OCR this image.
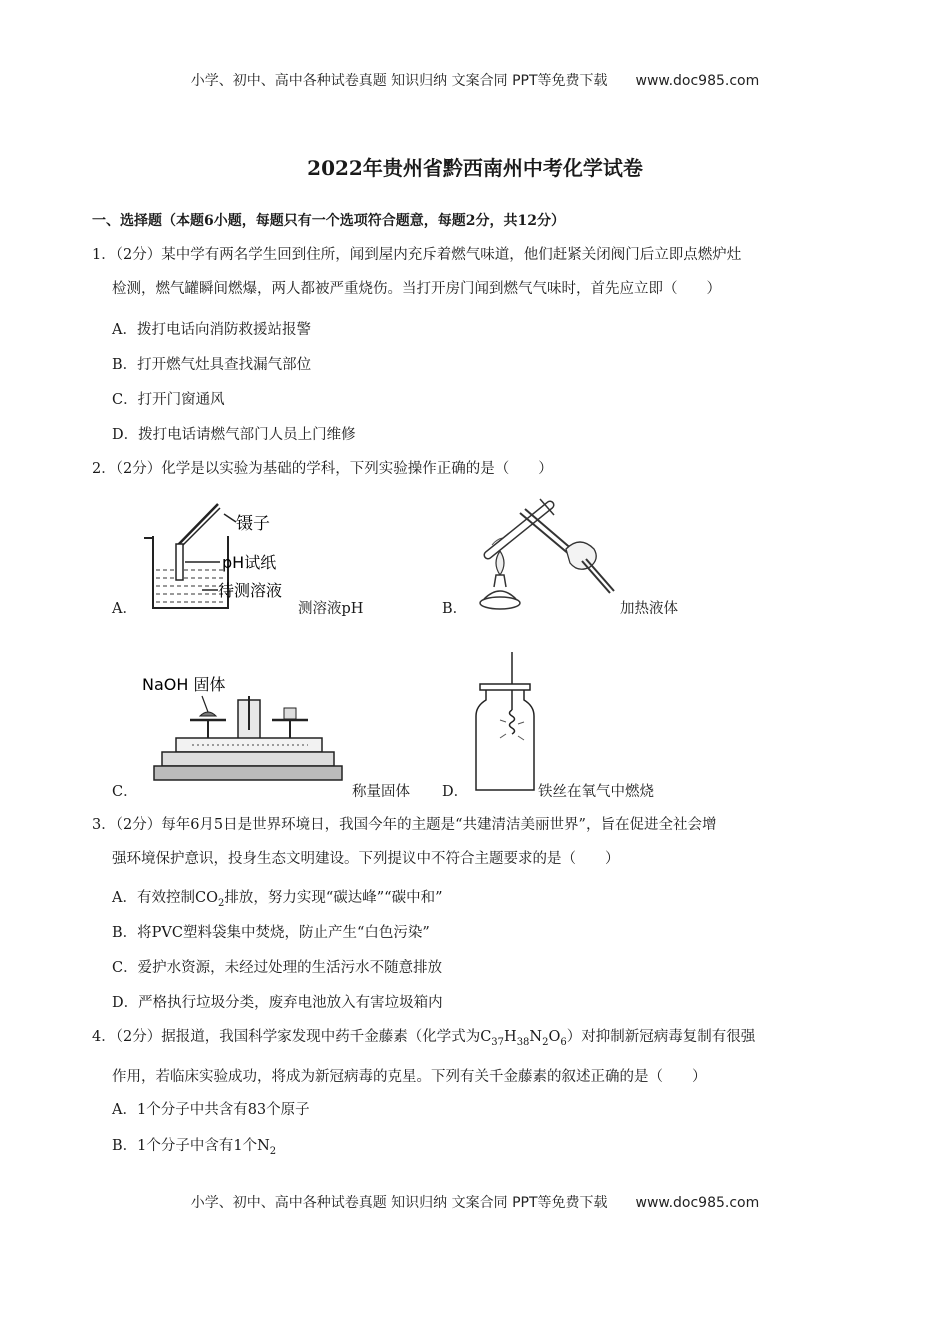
小学、初中、高中各种试卷真题 知识归纳 文案合同 PPT等免费下载 www.doc985.com
2022年贵州省黔西南州中考化学试卷
一、选择题（本题6小题，每题只有一个选项符合题意，每题2分，共12分）
1．（2分）某中学有两名学生回到住所，闻到屋内充斥着燃气味道，他们赶紧关闭阀门后立即点燃炉灶
检测，燃气罐瞬间燃爆，两人都被严重烧伤。当打开房门闻到燃气气味时，首先应立即（　　）
A．拨打电话向消防救援站报警
B．打开燃气灶具查找漏气部位
C．打开门窗通风
D．拨打电话请燃气部门人员上门维修
2．（2分）化学是以实验为基础的学科，下列实验操作正确的是（　　）
镊子
pH试纸
待测溶液
A．	测溶液pH	B．	加热液体
NaOH 固体
C．	称量固体 D．	铁丝在氧气中燃烧
3．（2分）每年6月5日是世界环境日，我国今年的主题是“共建清洁美丽世界”，旨在促进全社会增
强环境保护意识，投身生态文明建设。下列提议中不符合主题要求的是（　　）
A．有效控制$CO_2$排放，努力实现“碳达峰”“碳中和”
B．将PVC塑料袋集中焚烧，防止产生“白色污染”
C．爱护水资源，未经过处理的生活污水不随意排放
D．严格执行垃圾分类，废弃电池放入有害垃圾箱内
4．（2分）据报道，我国科学家发现中药千金藤素（化学式为$C_{37}H_{38}N_2O_6$）对抑制新冠病毒复制有很强
作用，若临床实验成功，将成为新冠病毒的克星。下列有关千金藤素的叙述正确的是（　　）
A．1个分子中共含有83个原子
B．1个分子中含有1个$N_2$
小学、初中、高中各种试卷真题 知识归纳 文案合同 PPT等免费下载 www.doc985.com
